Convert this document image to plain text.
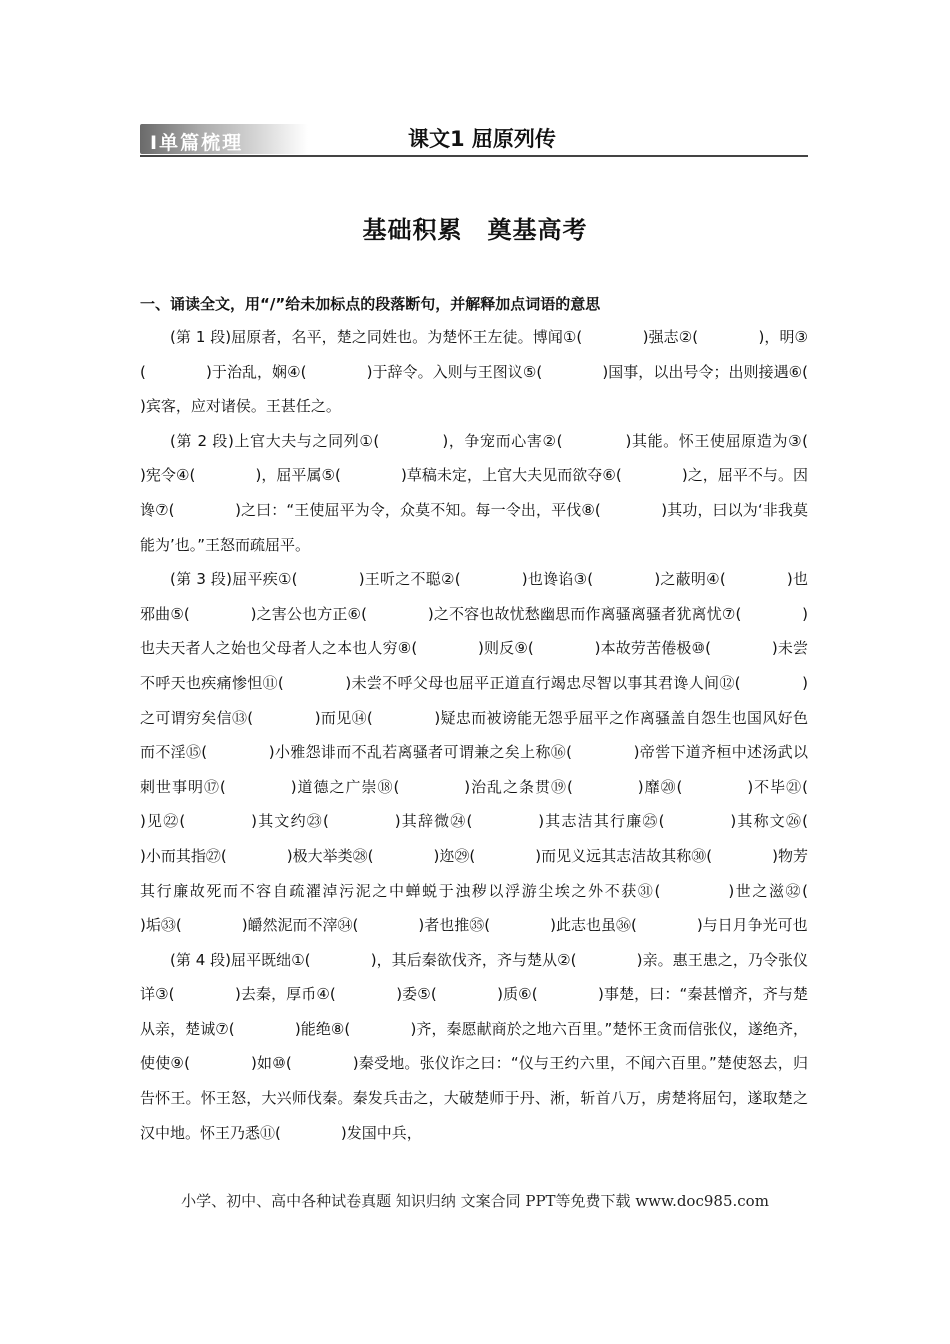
Ⅰ单篇梳理	课文1 屈原列传
基础积累　奠基高考
一、诵读全文，用“/”给未加标点的段落断句，并解释加点词语的意思
(第 1 段)屈原者，名平，楚之同姓也。为楚怀王左徒。博闻①(　　　　)强志②(　　　　)，明③(　　　　)于治乱，娴④(　　　　)于辞令。入则与王图议⑤(　　　　)国事，以出号令；出则接遇⑥(　　　　)宾客，应对诸侯。王甚任之。
(第 2 段)上官大夫与之同列①(　　　　)，争宠而心害②(　　　　)其能。怀王使屈原造为③(　　　　)宪令④(　　　　)，屈平属⑤(　　　　)草稿未定，上官大夫见而欲夺⑥(　　　　)之，屈平不与。因谗⑦(　　　　)之曰：“王使屈平为令，众莫不知。每一令出，平伐⑧(　　　　)其功，曰以为‘非我莫能为’也。”王怒而疏屈平。
(第 3 段)屈平疾①(　　　　)王听之不聪②(　　　　)也谗谄③(　　　　)之蔽明④(　　　　)也邪曲⑤(　　　　)之害公也方正⑥(　　　　)之不容也故忧愁幽思而作离骚离骚者犹离忧⑦(　　　　)也夫天者人之始也父母者人之本也人穷⑧(　　　　)则反⑨(　　　　)本故劳苦倦极⑩(　　　　)未尝不呼天也疾痛惨怛⑪(　　　　)未尝不呼父母也屈平正道直行竭忠尽智以事其君谗人间⑫(　　　　)之可谓穷矣信⑬(　　　　)而见⑭(　　　　)疑忠而被谤能无怨乎屈平之作离骚盖自怨生也国风好色而不淫⑮(　　　　)小雅怨诽而不乱若离骚者可谓兼之矣上称⑯(　　　　)帝喾下道齐桓中述汤武以刺世事明⑰(　　　　)道德之广崇⑱(　　　　)治乱之条贯⑲(　　　　)靡⑳(　　　　)不毕㉑(　　　　)见㉒(　　　　)其文约㉓(　　　　)其辞微㉔(　　　　)其志洁其行廉㉕(　　　　)其称文㉖(　　　　)小而其指㉗(　　　　)极大举类㉘(　　　　)迩㉙(　　　　)而见义远其志洁故其称㉚(　　　　)物芳其行廉故死而不容自疏濯淖污泥之中蝉蜕于浊秽以浮游尘埃之外不获㉛(　　　　)世之滋㉜(　　　　)垢㉝(　　　　)皭然泥而不滓㉞(　　　　)者也推㉟(　　　　)此志也虽㊱(　　　　)与日月争光可也
(第 4 段)屈平既绌①(　　　　)，其后秦欲伐齐，齐与楚从②(　　　　)亲。惠王患之，乃令张仪详③(　　　　)去秦，厚币④(　　　　)委⑤(　　　　)质⑥(　　　　)事楚，曰：“秦甚憎齐，齐与楚从亲，楚诚⑦(　　　　)能绝⑧(　　　　)齐，秦愿献商於之地六百里。”楚怀王贪而信张仪，遂绝齐，使使⑨(　　　　)如⑩(　　　　)秦受地。张仪诈之曰：“仪与王约六里，不闻六百里。”楚使怒去，归告怀王。怀王怒，大兴师伐秦。秦发兵击之，大破楚师于丹、淅，斩首八万，虏楚将屈匄，遂取楚之汉中地。怀王乃悉⑪(　　　　)发国中兵，
小学、初中、高中各种试卷真题 知识归纳 文案合同 PPT等免费下载 www.doc985.com
